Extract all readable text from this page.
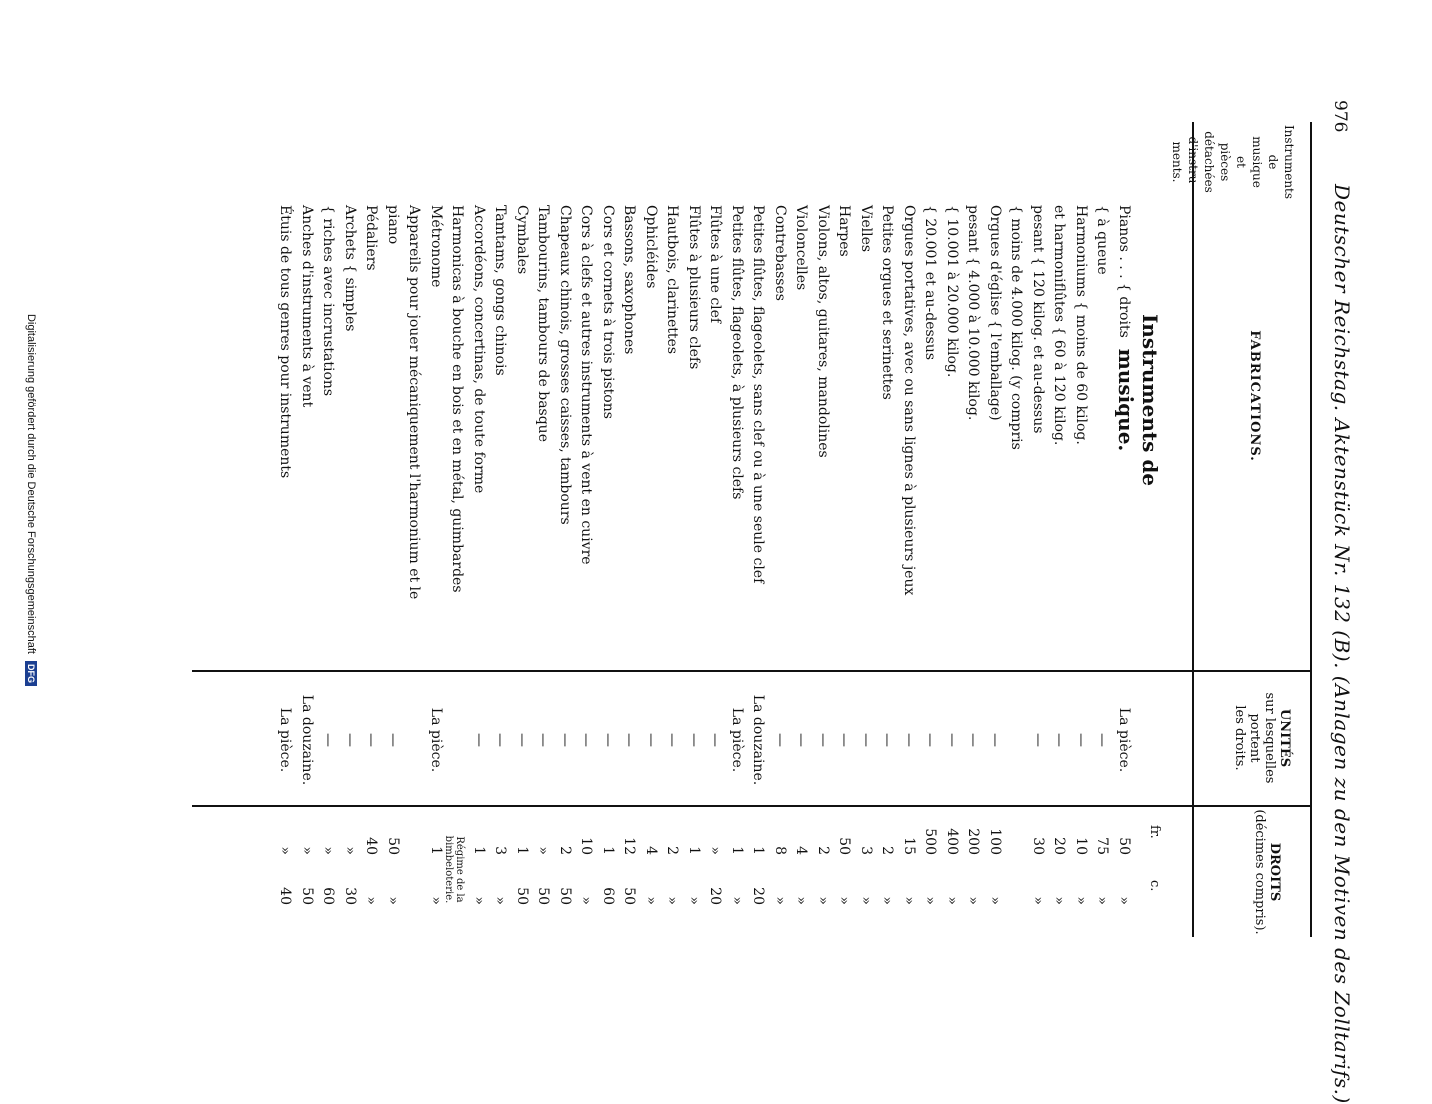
976
Deutscher Reichstag. Aktenstück Nr. 132 (B). (Anlagen zu den Motiven des Zolltarifs.)
FABRICATIONS.
UNITÉS
sur lesquelles
portent
les droits.
DROITS
(décimes compris).
Instruments de musique.
fr.
c.
Instruments
de
musique
et
pièces
détachées
d'instru-
ments.
Pianos . . . { droits
La pièce.
50
»
{ à queue
—
75
»
Harmoniums { moins de 60 kilog.
—
10
»
et harmoniflûtes { 60 à 120 kilog.
—
20
»
pesant { 120 kilog. et au-dessus
—
30
»
{ moins de 4.000 kilog. (y compris
Orgues d'église { l'emballage)
—
100
»
pesant { 4.000 à 10.000 kilog.
—
200
»
{ 10.001 à 20.000 kilog.
—
400
»
{ 20.001 et au-dessus
—
500
»
Orgues portatives, avec ou sans lignes à plusieurs jeux
—
15
»
Petites orgues et serinettes
—
2
»
Vielles
—
3
»
Harpes
—
50
»
Violons, altos, guitares, mandolines
—
2
»
Violoncelles
—
4
»
Contrebasses
—
8
»
Petites flûtes, flageolets, sans clef ou à une seule clef
La douzaine.
1
20
Petites flûtes, flageolets, à plusieurs clefs
La pièce.
1
»
Flûtes à une clef
—
»
20
Flûtes à plusieurs clefs
—
1
»
Hautbois, clarinettes
—
2
»
Ophicléides
—
4
»
Bassons, saxophones
—
12
50
Cors et cornets à trois pistons
—
1
60
Cors à clefs et autres instruments à vent en cuivre
—
10
»
Chapeaux chinois, grosses caisses, tambours
—
2
50
Tambourins, tambours de basque
—
»
50
Cymbales
—
1
50
Tamtams, gongs chinois
—
3
»
Accordéons, concertinas, de toute forme
—
1
»
Harmonicas à bouche en bois et en métal, guimbardes
Régime de la bimbeloterie.
Métronome
La pièce.
1
»
Appareils pour jouer mécaniquement l'harmonium et le
piano
—
50
»
Pédaliers
—
40
»
Archets { simples
—
»
30
{ riches avec incrustations
—
»
60
Anches d'instruments à vent
La douzaine.
»
50
Étuis de tous genres pour instruments
La pièce.
»
40
Digitalisierung gefördert durch die Deutsche Forschungsgemeinschaft DFG
